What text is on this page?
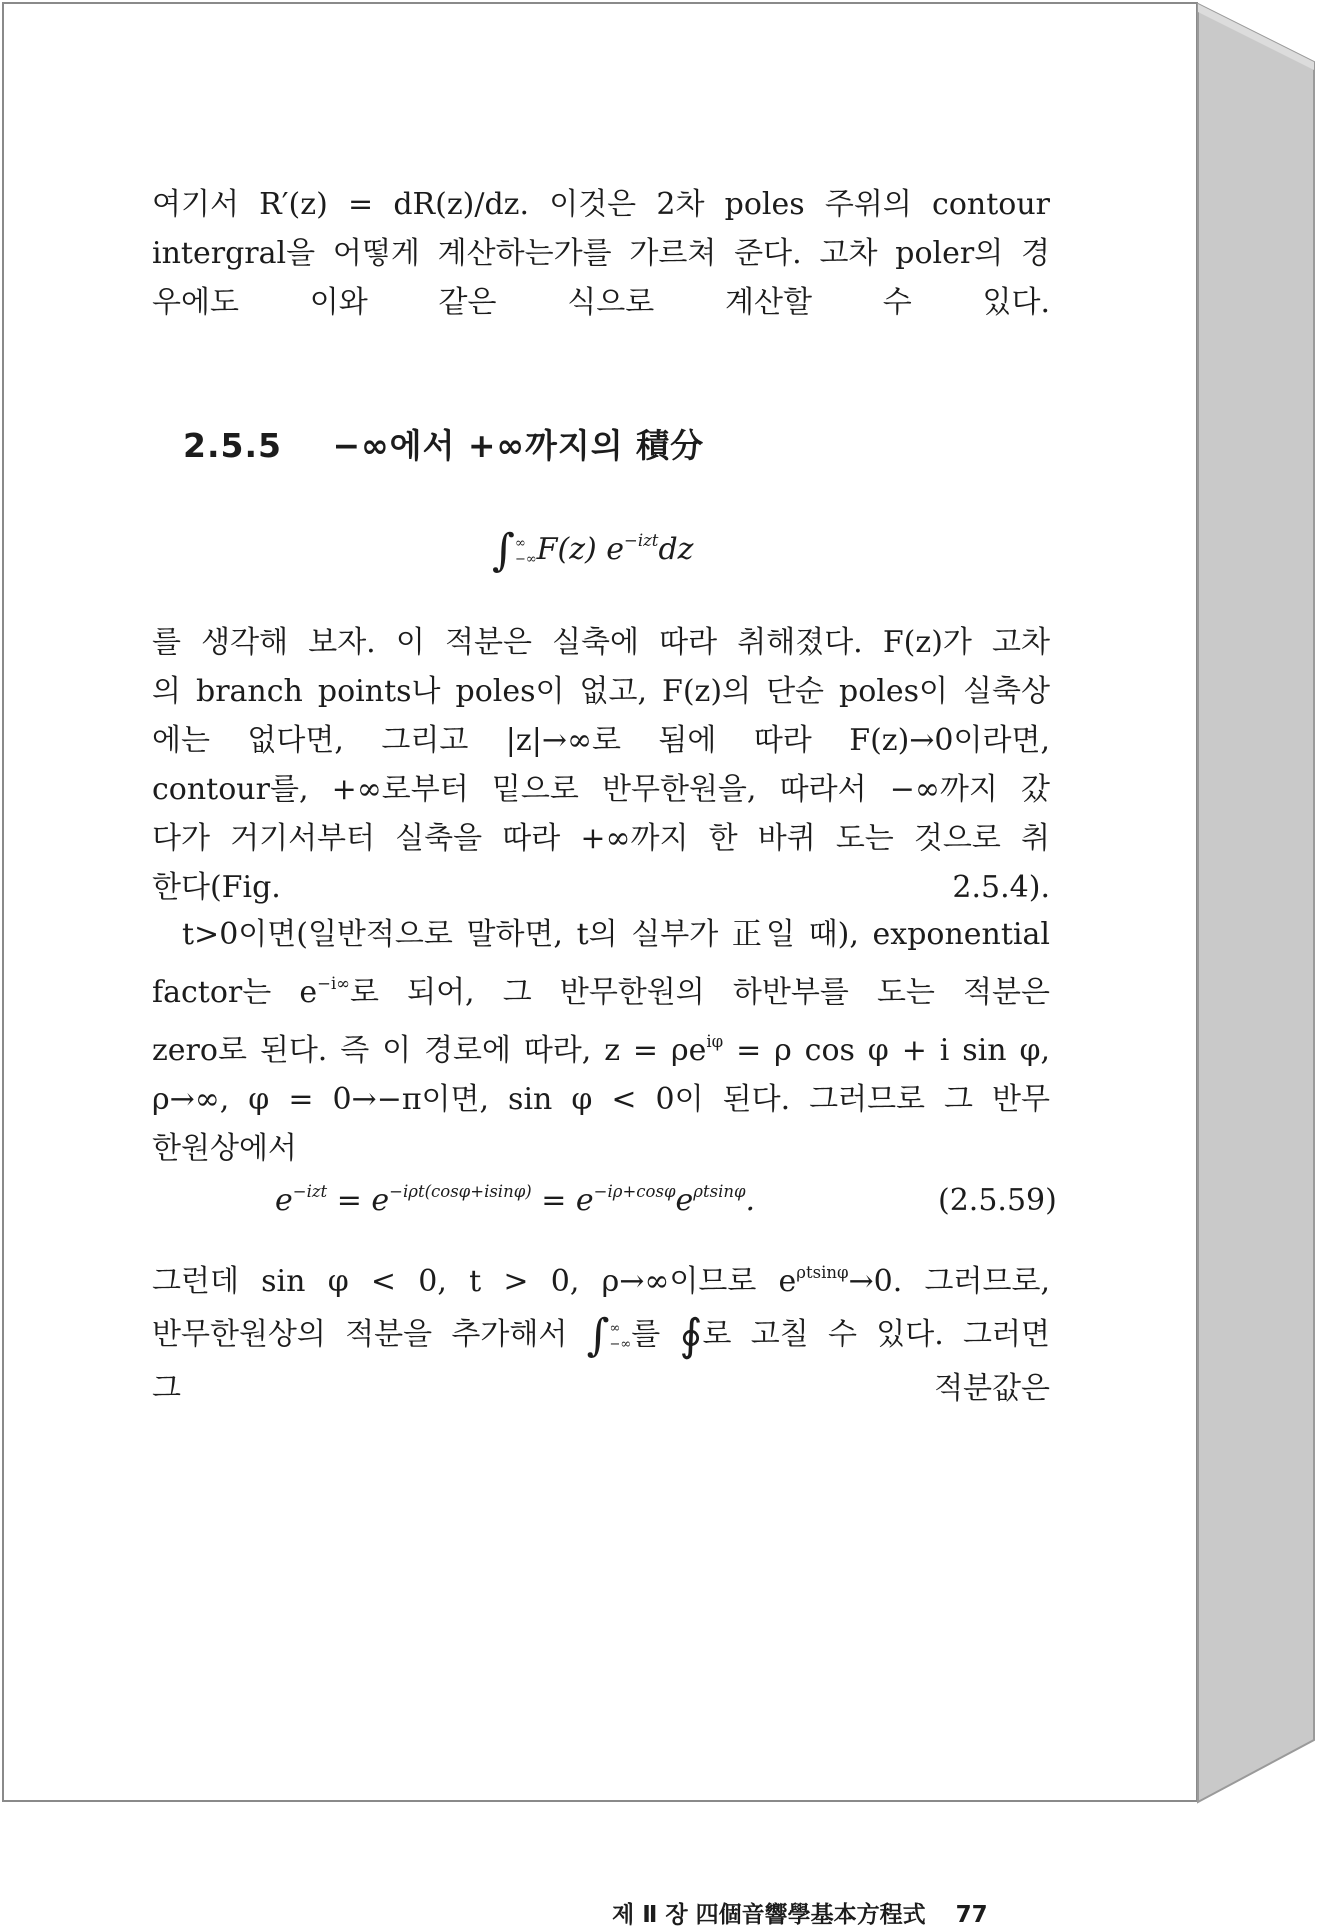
여기서 R′(z) = dR(z)/dz. 이것은 2차 poles 주위의 contour
intergral을 어떻게 계산하는가를 가르쳐 준다. 고차 poler의 경
우에도 이와 같은 식으로 계산할 수 있다.
2.5.5 −∞에서 +∞까지의 積分
∫∞
−∞F(z) $e^{-izt}dz$
를 생각해 보자. 이 적분은 실축에 따라 취해졌다. F(z)가 고차
의 branch points나 poles이 없고, F(z)의 단순 poles이 실축상
에는 없다면, 그리고 |z|→∞로 됨에 따라 F(z)→0이라면,
contour를, +∞로부터 밑으로 반무한원을, 따라서 −∞까지 갔
다가 거기서부터 실축을 따라 +∞까지 한 바퀴 도는 것으로 취
한다(Fig. 2.5.4).
t>0이면(일반적으로 말하면, t의 실부가 正일 때), exponential
factor는 $e^{-i\infty}$로 되어, 그 반무한원의 하반부를 도는 적분은
zero로 된다. 즉 이 경로에 따라, $z = \rho e^{i\varphi} = \rho$ cos φ + i sin φ,
ρ→∞, φ = 0→−π이면, sin φ < 0이 된다. 그러므로 그 반무
한원상에서
$e^{-izt} = e^{-i\rho t(cos\varphi+isin\varphi)} = e^{-i\rho+cos\varphi}e^{\rho tsin\varphi}$.	(2.5.59)
그런데 sin φ < 0, t > 0, ρ→∞이므로 $e^{\rho tsin\varphi}\to 0$. 그러므로,
반무한원상의 적분을 추가해서 ∫∞
−∞를 ∮로 고칠 수 있다. 그러면
그 적분값은
제 Ⅱ 장 四個音響學基本方程式 77
